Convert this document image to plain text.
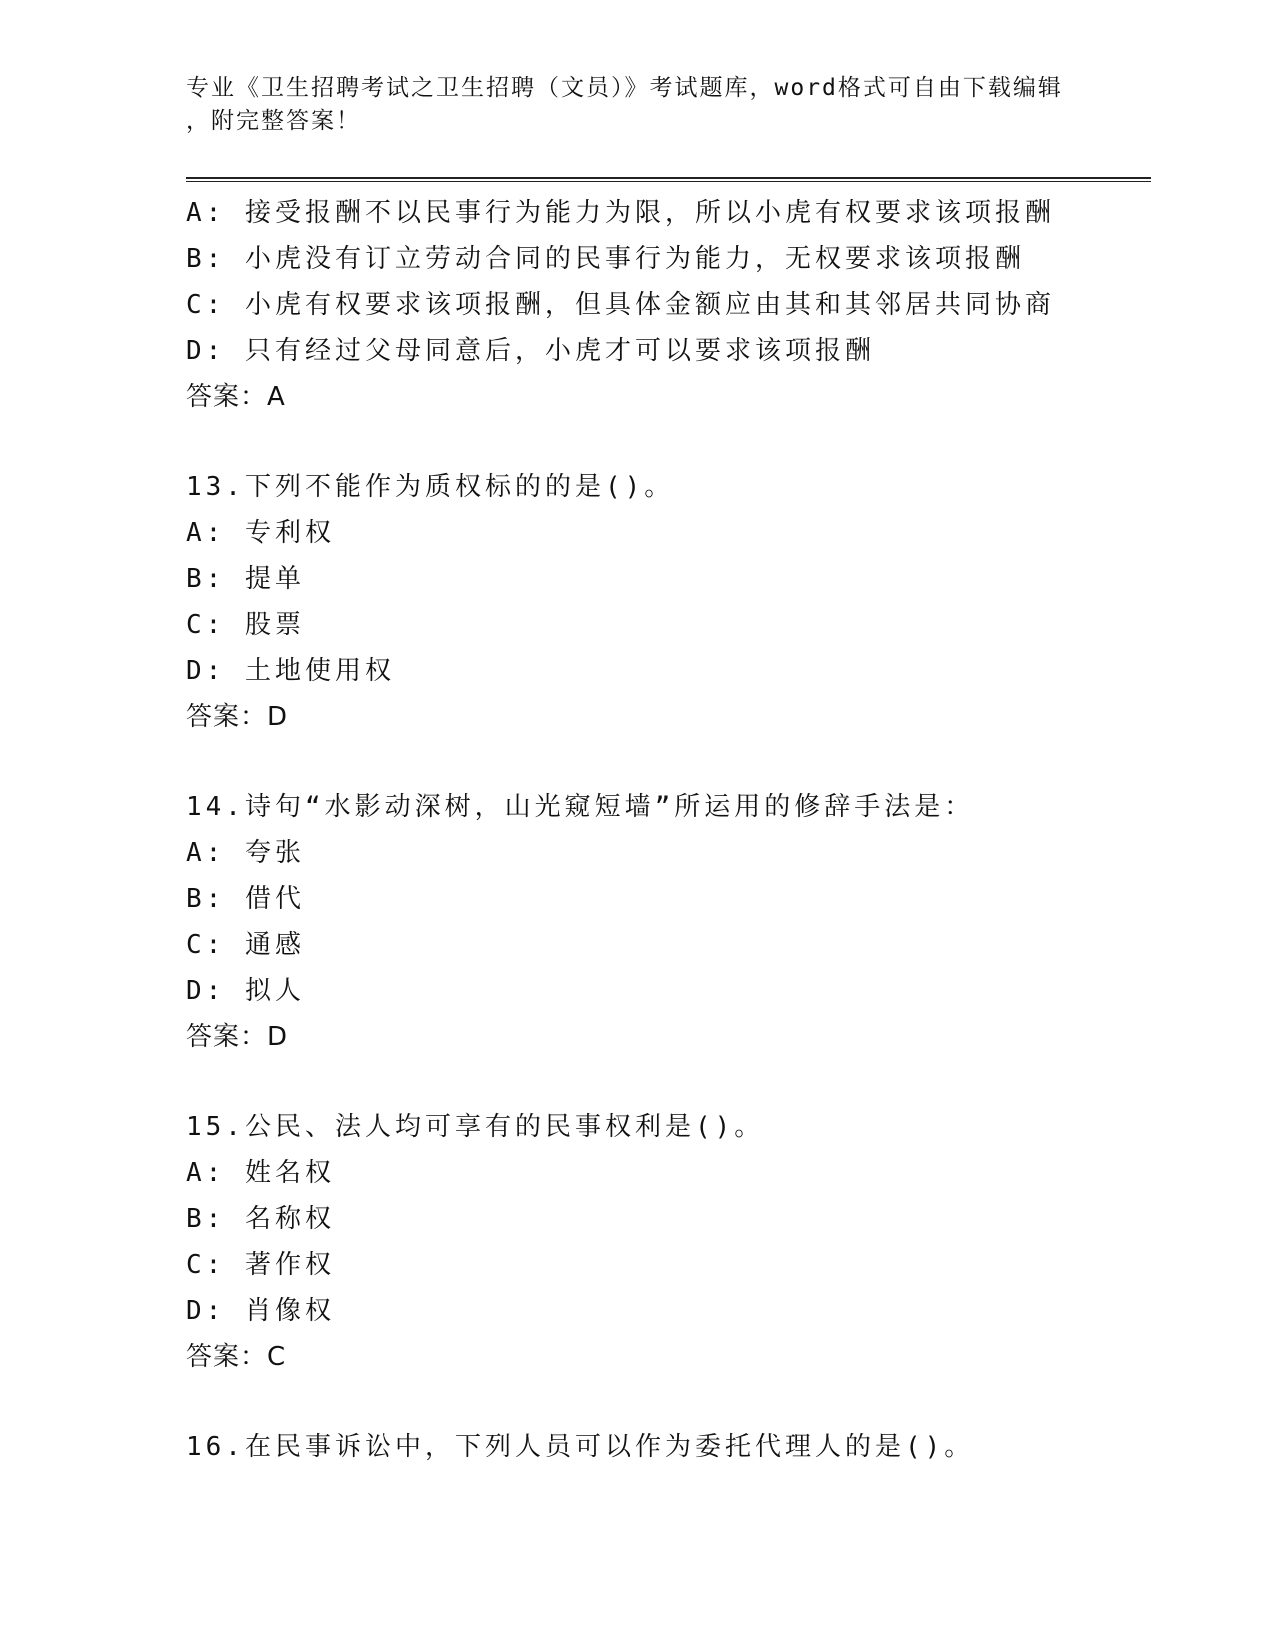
专业《卫生招聘考试之卫生招聘（文员）》考试题库，word格式可自由下载编辑
，附完整答案！
A: 接受报酬不以民事行为能力为限，所以小虎有权要求该项报酬
B: 小虎没有订立劳动合同的民事行为能力，无权要求该项报酬
C: 小虎有权要求该项报酬，但具体金额应由其和其邻居共同协商
D: 只有经过父母同意后，小虎才可以要求该项报酬
答案：A
13.下列不能作为质权标的的是()。
A: 专利权
B: 提单
C: 股票
D: 土地使用权
答案：D
14.诗句“水影动深树，山光窥短墙”所运用的修辞手法是：
A: 夸张
B: 借代
C: 通感
D: 拟人
答案：D
15.公民、法人均可享有的民事权利是()。
A: 姓名权
B: 名称权
C: 著作权
D: 肖像权
答案：C
16.在民事诉讼中，下列人员可以作为委托代理人的是()。
